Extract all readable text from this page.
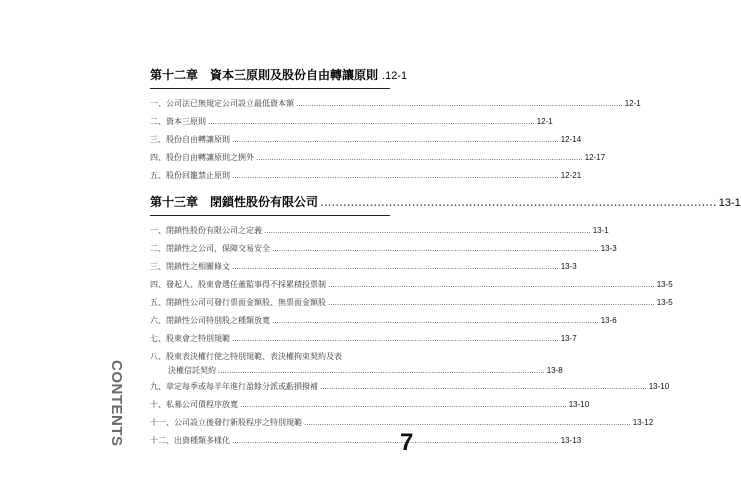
第十二章　資本三原則及股份自由轉讓原則 .12-1
一、公司法已無規定公司設立最低資本額 .....	12-1
二、資本三原則 .....	12-1
三、股份自由轉讓原則 .....	12-14
四、股份自由轉讓原則之例外 .....	12-17
五、股份回籠禁止原則 .....	12-21
第十三章　閉鎖性股份有限公司 .....	13-1
一、閉鎖性股份有限公司之定義 .....	13-1
二、閉鎖性之公司，保障交易安全 .....	13-3
三、閉鎖性之相關條文 .....	13-3
四、發起人、股東會選任董監事得不採累積投票制 .....	13-5
五、閉鎖性公司可發行票面金額股、無票面金額股 .....	13-5
六、閉鎖性公司特別股之種類放寬 .....	13-6
七、股東會之特別規範 .....	13-7
八、股東表決權行使之特別規範、表決權拘束契約及表
決權信託契約 .....	13-8
九、章定每季或每半年進行盈餘分派或虧損撥補 .....	13-10
十、私募公司債程序放寬 .....	13-10
十一、公司設立後發行新股程序之特別規範 .....	13-12
十二、出資種類多樣化 .....	13-13
CONTENTS	7
